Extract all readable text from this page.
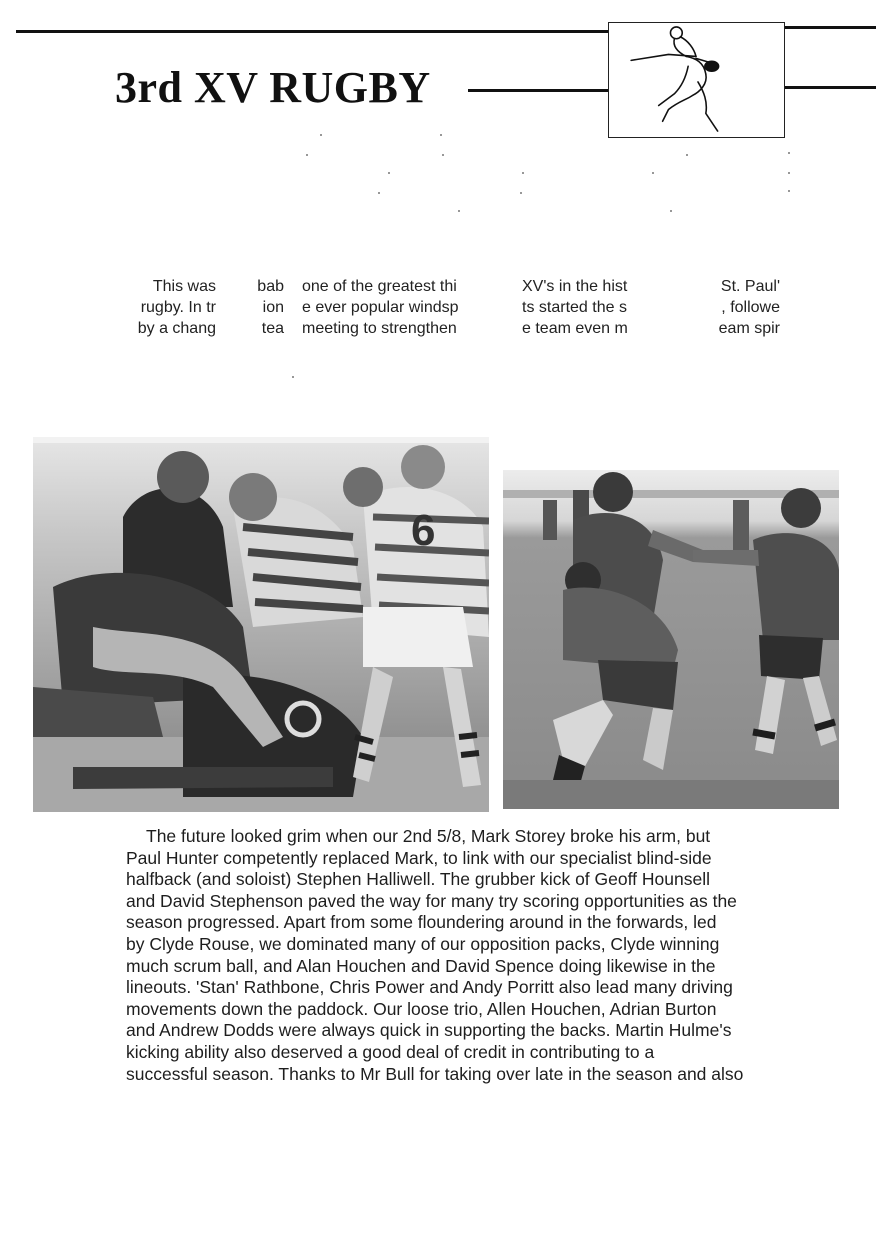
3rd XV RUGBY
This was
rugby. In tr
by a chang
bab
ion
tea
one of the greatest thi
e ever popular windsp
meeting to strengthen
XV's in the hist
ts started the s
e team even m
St. Paul'
, followe
eam spir
6

The future looked grim when our 2nd 5/8, Mark Storey broke his arm, but
Paul Hunter competently replaced Mark, to link with our specialist blind-side
halfback (and soloist) Stephen Halliwell. The grubber kick of Geoff Hounsell
and David Stephenson paved the way for many try scoring opportunities as the
season progressed. Apart from some floundering around in the forwards, led
by Clyde Rouse, we dominated many of our opposition packs, Clyde winning
much scrum ball, and Alan Houchen and David Spence doing likewise in the
lineouts. 'Stan' Rathbone, Chris Power and Andy Porritt also lead many driving
movements down the paddock. Our loose trio, Allen Houchen, Adrian Burton
and Andrew Dodds were always quick in supporting the backs. Martin Hulme's
kicking ability also deserved a good deal of credit in contributing to a
successful season. Thanks to Mr Bull for taking over late in the season and also
